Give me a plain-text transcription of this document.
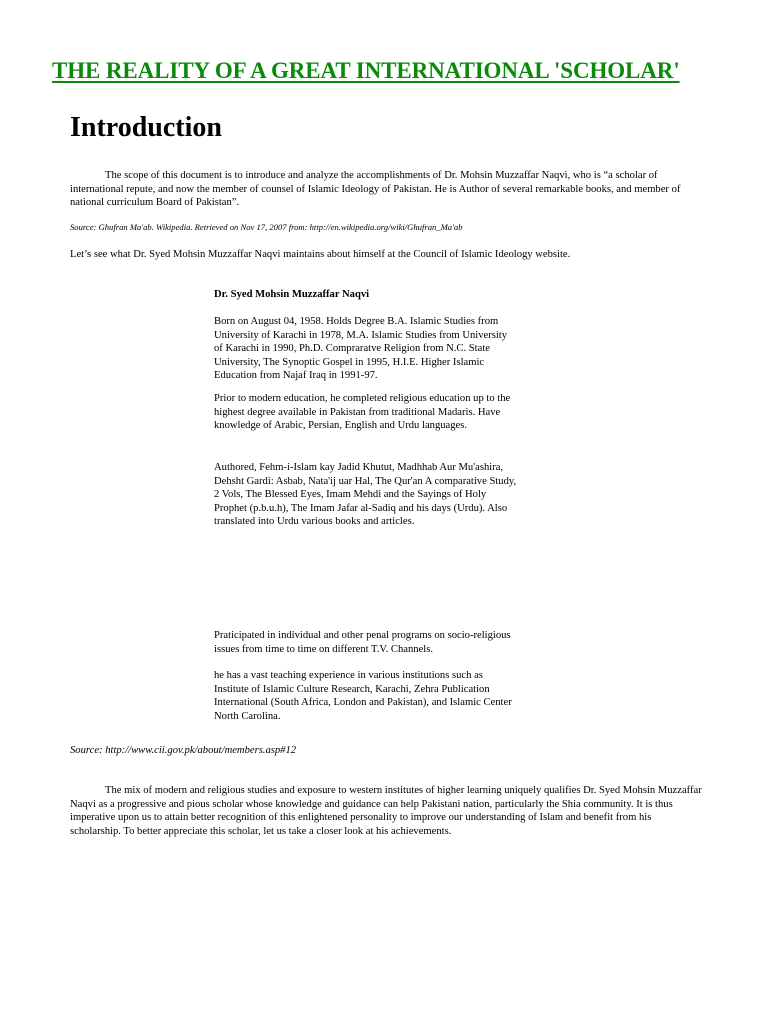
THE REALITY OF A GREAT INTERNATIONAL 'SCHOLAR'
Introduction

The scope of this document is to introduce and analyze the accomplishments of Dr. Mohsin Muzzaffar Naqvi, who is “a scholar of international repute, and now the member of counsel of Islamic Ideology of Pakistan. He is Author of several remarkable books, and member of national curriculum Board of Pakistan”.

Source: Ghufran Ma'ab. Wikipedia. Retrieved on Nov 17, 2007 from: http://en.wikipedia.org/wiki/Ghufran_Ma'ab

Let’s see what Dr. Syed Mohsin Muzzaffar Naqvi maintains about himself at the Council of Islamic Ideology website.

Dr. Syed Mohsin Muzzaffar Naqvi

Born on August 04, 1958. Holds Degree B.A. Islamic Studies from University of Karachi in 1978, M.A. Islamic Studies from University of Karachi in 1990, Ph.D. Compraratve Religion from N.C. State University, The Synoptic Gospel in 1995, H.I.E. Higher Islamic Education from Najaf Iraq in 1991-97.

Prior to modern education, he completed religious education up to the highest degree available in Pakistan from traditional Madaris. Have knowledge of Arabic, Persian, English and Urdu languages.

Authored, Fehm-i-Islam kay Jadid Khutut, Madhhab Aur Mu'ashira, Dehsht Gardi: Asbab, Nata'ij uar Hal, The Qur'an A comparative Study, 2 Vols, The Blessed Eyes, Imam Mehdi and the Sayings of Holy Prophet (p.b.u.h), The Imam Jafar al-Sadiq and his days (Urdu). Also translated into Urdu various books and articles.

Praticipated in individual and other penal programs on socio-religious issues from time to time on different T.V. Channels.

he has a vast teaching experience in various institutions such as Institute of Islamic Culture Research, Karachi, Zehra Publication International (South Africa, London and Pakistan), and Islamic Center North Carolina.

Source: http://www.cii.gov.pk/about/members.asp#12

The mix of modern and religious studies and exposure to western institutes of higher learning uniquely qualifies Dr. Syed Mohsin Muzzaffar Naqvi as a progressive and pious scholar whose knowledge and guidance can help Pakistani nation, particularly the Shia community. It is thus imperative upon us to attain better recognition of this enlightened personality to improve our understanding of Islam and benefit from his scholarship. To better appreciate this scholar, let us take a closer look at his achievements.
